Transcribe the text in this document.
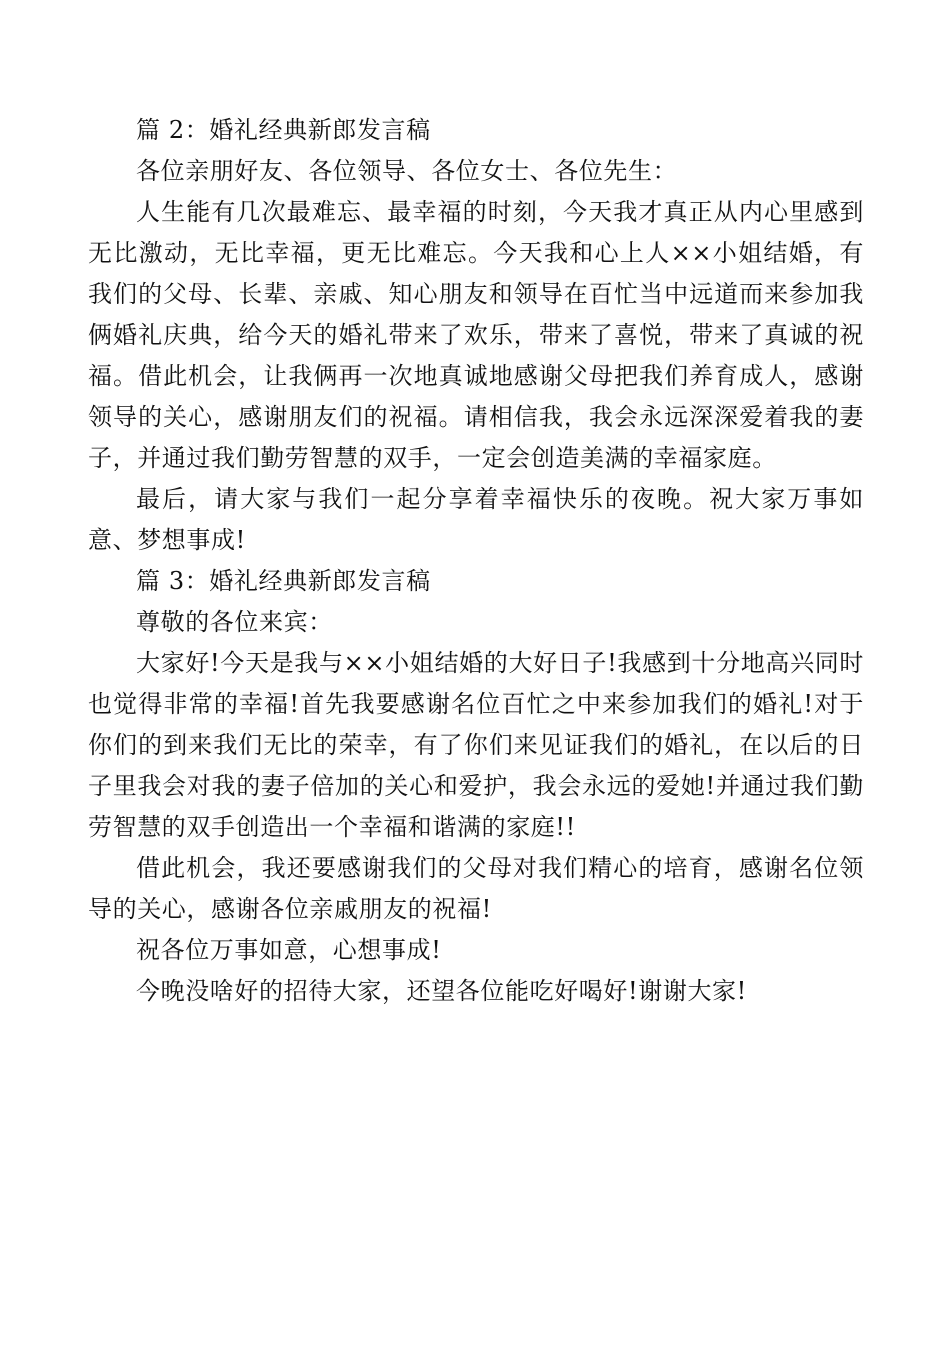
篇 2：婚礼经典新郎发言稿

各位亲朋好友、各位领导、各位女士、各位先生：

人生能有几次最难忘、最幸福的时刻，今天我才真正从内心里感到无比激动，无比幸福，更无比难忘。今天我和心上人××小姐结婚，有我们的父母、长辈、亲戚、知心朋友和领导在百忙当中远道而来参加我俩婚礼庆典，给今天的婚礼带来了欢乐，带来了喜悦，带来了真诚的祝福。借此机会，让我俩再一次地真诚地感谢父母把我们养育成人，感谢领导的关心，感谢朋友们的祝福。请相信我，我会永远深深爱着我的妻子，并通过我们勤劳智慧的双手，一定会创造美满的幸福家庭。

最后，请大家与我们一起分享着幸福快乐的夜晚。祝大家万事如意、梦想事成!

篇 3：婚礼经典新郎发言稿

尊敬的各位来宾：

大家好!今天是我与××小姐结婚的大好日子!我感到十分地高兴同时也觉得非常的幸福!首先我要感谢名位百忙之中来参加我们的婚礼!对于你们的到来我们无比的荣幸，有了你们来见证我们的婚礼，在以后的日子里我会对我的妻子倍加的关心和爱护，我会永远的爱她!并通过我们勤劳智慧的双手创造出一个幸福和谐满的家庭!!

借此机会，我还要感谢我们的父母对我们精心的培育，感谢名位领导的关心，感谢各位亲戚朋友的祝福!

祝各位万事如意，心想事成!

今晚没啥好的招待大家，还望各位能吃好喝好!谢谢大家!
